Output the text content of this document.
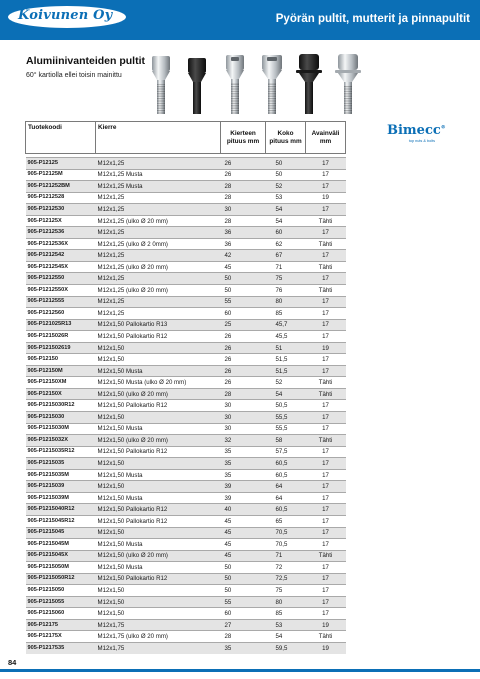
Koivunen Oy	Pyörän pultit, mutterit ja pinnapultit
Alumiinivanteiden pultit
60° kartiolla ellei toisin mainittu
Bimecc®
top nuts & bolts
Tuotekoodi	Kierre	Kierteen pituus mm	Koko pituus mm	Avainväli mm

905-P12125	M12x1,25	26	50	17
905-P12125M	M12x1,25 Musta	26	50	17
905-P121252BM	M12x1,25 Musta	28	52	17
905-P1212528	M12x1,25	28	53	19
905-P1212530	M12x1,25	30	54	17
905-P12125X	M12x1,25 (ulko Ø 20 mm)	28	54	Tähti
905-P1212536	M12x1,25	36	60	17
905-P1212536X	M12x1,25 (ulko Ø 2 0mm)	36	62	Tähti
905-P1212542	M12x1,25	42	67	17
905-P1212545X	M12x1,25 (ulko Ø 20 mm)	45	71	Tähti
905-P1212550	M12x1,25	50	75	17
905-P1212550X	M12x1,25 (ulko Ø 20 mm)	50	76	Tähti
905-P1212555	M12x1,25	55	80	17
905-P1212560	M12x1,25	60	85	17
905-P121025R13	M12x1,50 Pallokartio R13	25	45,7	17
905-P1215026R	M12x1,50 Pallokartio R12	26	45,5	17
905-P121502619	M12x1,50	26	51	19
905-P12150	M12x1,50	26	51,5	17
905-P12150M	M12x1,50 Musta	26	51,5	17
905-P12150XM	M12x1,50 Musta (ulko Ø 20 mm)	26	52	Tähti
905-P12150X	M12x1,50 (ulko Ø 20 mm)	28	54	Tähti
905-P1215030R12	M12x1,50 Pallokartio R12	30	50,5	17
905-P1215030	M12x1,50	30	55,5	17
905-P1215030M	M12x1,50 Musta	30	55,5	17
905-P1215032X	M12x1,50 (ulko Ø 20 mm)	32	58	Tähti
905-P1215035R12	M12x1,50 Pallokartio R12	35	57,5	17
905-P1215035	M12x1,50	35	60,5	17
905-P1215035M	M12x1,50 Musta	35	60,5	17
905-P1215039	M12x1,50	39	64	17
905-P1215039M	M12x1,50 Musta	39	64	17
905-P1215040R12	M12x1,50 Pallokartio R12	40	60,5	17
905-P1215045R12	M12x1,50 Pallokartio R12	45	65	17
905-P1215045	M12x1,50	45	70,5	17
905-P1215045M	M12x1,50 Musta	45	70,5	17
905-P1215045X	M12x1,50 (ulko Ø 20 mm)	45	71	Tähti
905-P1215050M	M12x1,50 Musta	50	72	17
905-P1215050R12	M12x1,50 Pallokartio R12	50	72,5	17
905-P1215050	M12x1,50	50	75	17
905-P1215055	M12x1,50	55	80	17
905-P1215060	M12x1,50	60	85	17
905-P12175	M12x1,75	27	53	19
905-P12175X	M12x1,75 (ulko Ø 20 mm)	28	54	Tähti
905-P1217535	M12x1,75	35	59,5	19
84
